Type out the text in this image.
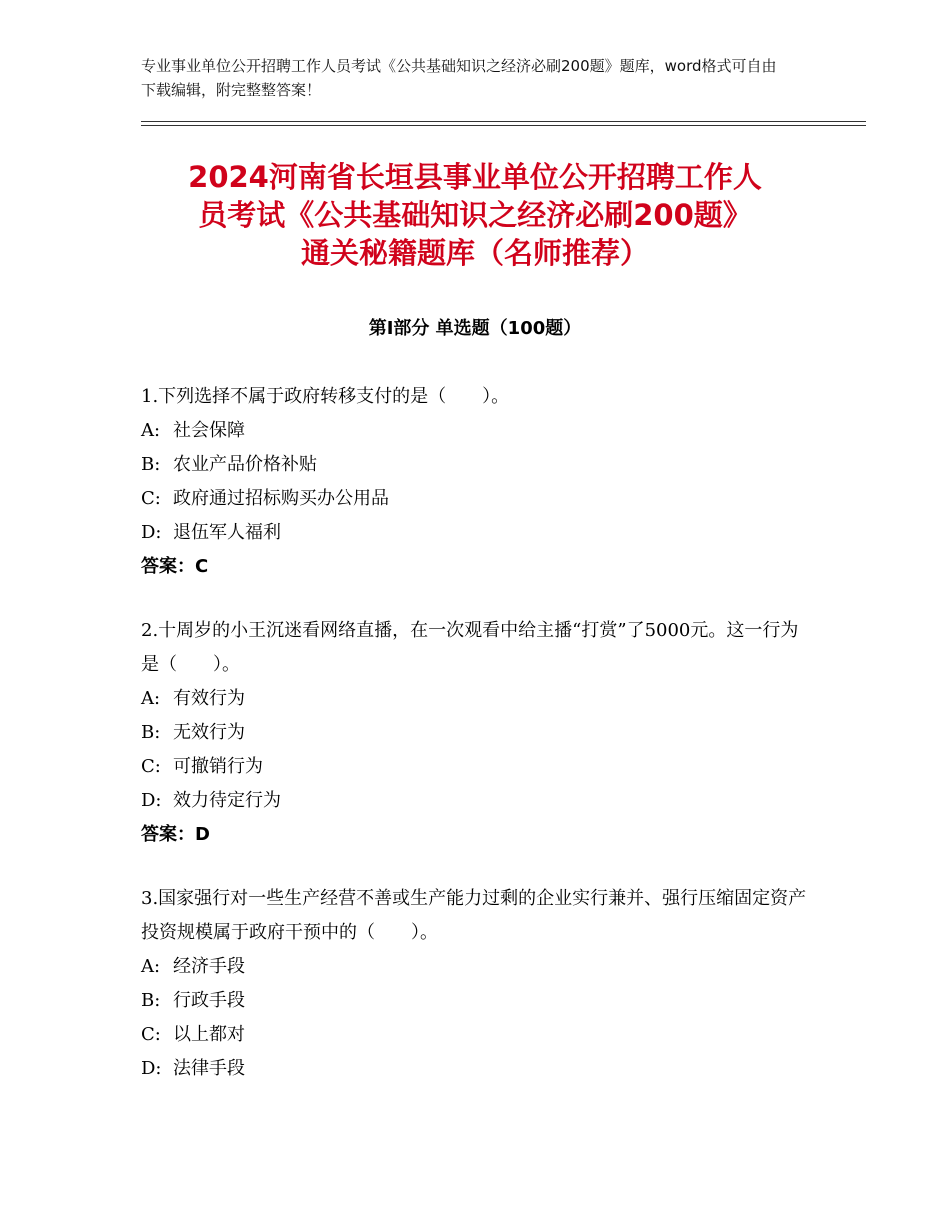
专业事业单位公开招聘工作人员考试《公共基础知识之经济必刷200题》题库，word格式可自由下载编辑，附完整整答案！

2024河南省长垣县事业单位公开招聘工作人
员考试《公共基础知识之经济必刷200题》
通关秘籍题库（名师推荐）
第Ⅰ部分 单选题（100题）

1.下列选择不属于政府转移支付的是（　　）。

A: 社会保障

B: 农业产品价格补贴

C: 政府通过招标购买办公用品

D: 退伍军人福利

答案：C

2.十周岁的小王沉迷看网络直播，在一次观看中给主播“打赏”了5000元。这一行为是（　　）。

A: 有效行为

B: 无效行为

C: 可撤销行为

D: 效力待定行为

答案：D

3.国家强行对一些生产经营不善或生产能力过剩的企业实行兼并、强行压缩固定资产投资规模属于政府干预中的（　　）。

A: 经济手段

B: 行政手段

C: 以上都对

D: 法律手段
